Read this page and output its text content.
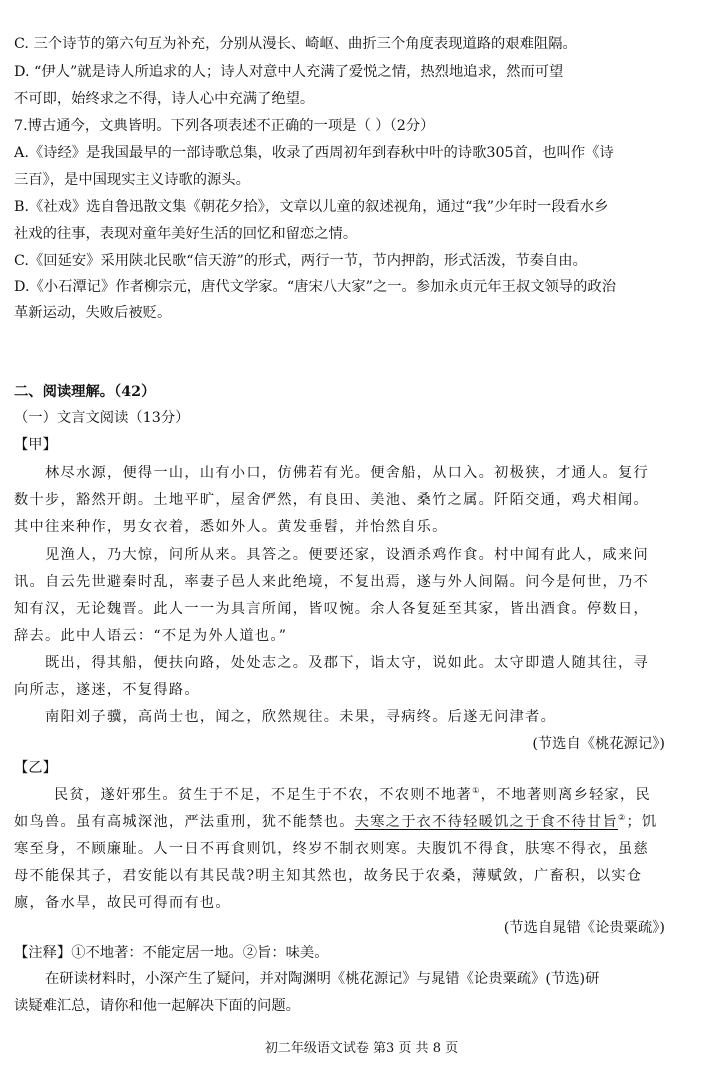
C. 三个诗节的第六句互为补充，分别从漫长、崎岖、曲折三个角度表现道路的艰难阻隔。
D. “伊人”就是诗人所追求的人；诗人对意中人充满了爱悦之情，热烈地追求，然而可望
不可即，始终求之不得，诗人心中充满了绝望。
7.博古通今，文典皆明。下列各项表述不正确的一项是（ ）（2分）
A.《诗经》是我国最早的一部诗歌总集，收录了西周初年到春秋中叶的诗歌305首，也叫作《诗
三百》，是中国现实主义诗歌的源头。
B.《社戏》选自鲁迅散文集《朝花夕拾》，文章以儿童的叙述视角，通过“我”少年时一段看水乡
社戏的往事，表现对童年美好生活的回忆和留恋之情。
C.《回延安》采用陕北民歌“信天游”的形式，两行一节，节内押韵，形式活泼，节奏自由。
D.《小石潭记》作者柳宗元，唐代文学家。“唐宋八大家”之一。参加永贞元年王叔文领导的政治
革新运动，失败后被贬。
二、阅读理解。（42）
（一）文言文阅读（13分）
【甲】
林尽水源，便得一山，山有小口，仿佛若有光。便舍船，从口入。初极狭，才通人。复行
数十步，豁然开朗。土地平旷，屋舍俨然，有良田、美池、桑竹之属。阡陌交通，鸡犬相闻。
其中往来种作，男女衣着，悉如外人。黄发垂髫，并怡然自乐。
见渔人，乃大惊，问所从来。具答之。便要还家，设酒杀鸡作食。村中闻有此人，咸来问
讯。自云先世避秦时乱，率妻子邑人来此绝境，不复出焉，遂与外人间隔。问今是何世，乃不
知有汉，无论魏晋。此人一一为具言所闻，皆叹惋。余人各复延至其家，皆出酒食。停数日，
辞去。此中人语云：“不足为外人道也。”
既出，得其船，便扶向路，处处志之。及郡下，诣太守，说如此。太守即遣人随其往，寻
向所志，遂迷，不复得路。
南阳刘子骥，高尚士也，闻之，欣然规往。未果，寻病终。后遂无问津者。
(节选自《桃花源记》)
【乙】
民贫，遂奸邪生。贫生于不足，不足生于不农，不农则不地著①，不地著则离乡轻家，民
如鸟兽。虽有高城深池，严法重刑，犹不能禁也。夫寒之于衣不待轻暖饥之于食不待甘旨②；饥
寒至身，不顾廉耻。人一日不再食则饥，终岁不制衣则寒。夫腹饥不得食，肤寒不得衣，虽慈
母不能保其子，君安能以有其民哉?明主知其然也，故务民于农桑，薄赋敛，广畜积，以实仓
廪，备水旱，故民可得而有也。
(节选自晁错《论贵粟疏》)
【注释】①不地著：不能定居一地。②旨：味美。
在研读材料时，小深产生了疑问，并对陶渊明《桃花源记》与晁错《论贵粟疏》(节选)研
读疑难汇总，请你和他一起解决下面的问题。
初二年级语文试卷 第3 页 共 8 页
